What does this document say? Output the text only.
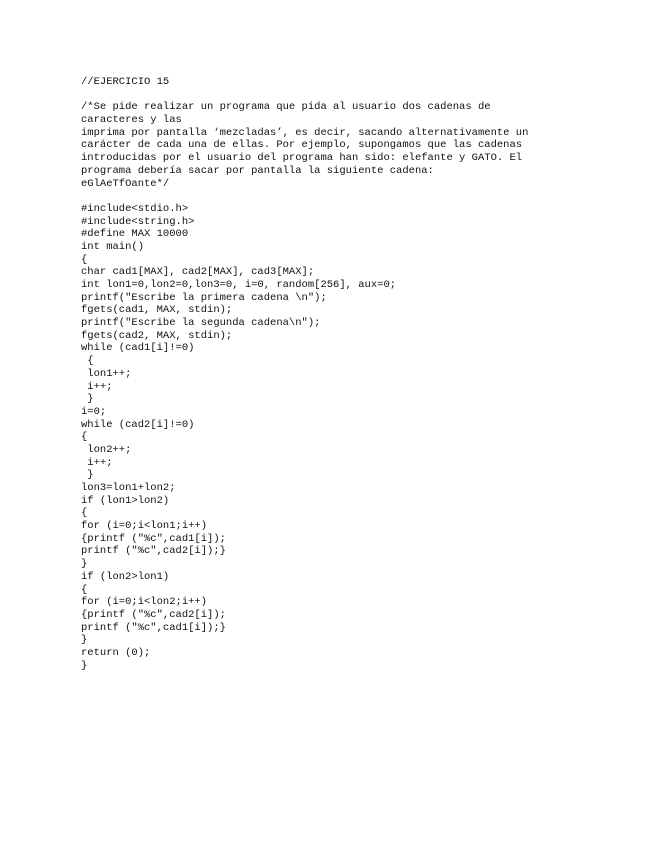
//EJERCICIO 15
/*Se pide realizar un programa que pida al usuario dos cadenas de
caracteres y las
imprima por pantalla ‘mezcladas’, es decir, sacando alternativamente un
carácter de cada una de ellas. Por ejemplo, supongamos que las cadenas
introducidas por el usuario del programa han sido: elefante y GATO. El
programa debería sacar por pantalla la siguiente cadena:
eGlAeTfOante*/
#include<stdio.h>
#include<string.h>
#define MAX 10000
int main()
{
char cad1[MAX], cad2[MAX], cad3[MAX];
int lon1=0,lon2=0,lon3=0, i=0, random[256], aux=0;
printf("Escribe la primera cadena \n");
fgets(cad1, MAX, stdin);
printf("Escribe la segunda cadena\n");
fgets(cad2, MAX, stdin);
while (cad1[i]!=0)
{
lon1++;
i++;
}
i=0;
while (cad2[i]!=0)
{
lon2++;
i++;
}
lon3=lon1+lon2;
if (lon1>lon2)
{
for (i=0;i<lon1;i++)
{printf ("%c",cad1[i]);
printf ("%c",cad2[i]);}
}
if (lon2>lon1)
{
for (i=0;i<lon2;i++)
{printf ("%c",cad2[i]);
printf ("%c",cad1[i]);}
}
return (0);
}
